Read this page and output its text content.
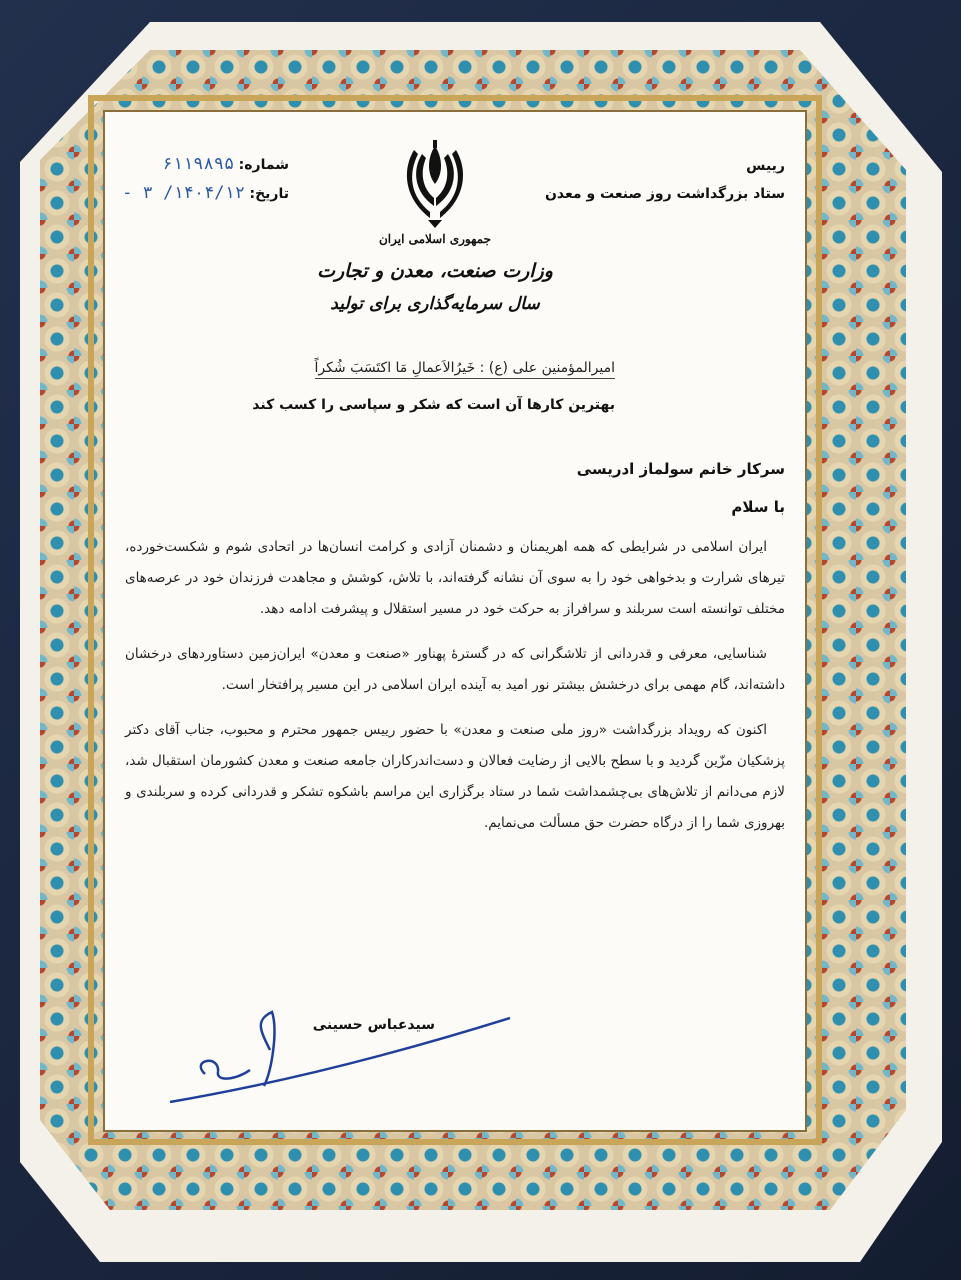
رییس
ستاد بزرگداشت روز صنعت و معدن
شماره: ۶۱۱۹۸۹۵
تاریخ: ۱۴۰۴/۱۲/ ۳ -
جمهوری اسلامی ایران
وزارت صنعت، معدن و تجارت
سال سرمایه‌گذاری برای تولید
امیرالمؤمنین علی (ع) : خَیرُالاَعمالِ مَا اکتَسَبَ شُکراً
بهترین کارها آن است که شکر و سپاسی را کسب کند
سرکار خانم سولماز ادریسی
با سلام

ایران اسلامی در شرایطی که همه اهریمنان و دشمنان آزادی و کرامت انسان‌ها در اتحادی شوم و شکست‌خورده، تیرهای شرارت و بدخواهی خود را به سوی آن نشانه گرفته‌اند، با تلاش، کوشش و مجاهدت فرزندان خود در عرصه‌های مختلف توانسته است سربلند و سرافراز به حرکت خود در مسیر استقلال و پیشرفت ادامه دهد.

شناسایی، معرفی و قدردانی از تلاشگرانی که در گسترهٔ پهناور «صنعت و معدن» ایران‌زمین دستاوردهای درخشان داشته‌اند، گام مهمی برای درخشش بیشتر نور امید به آینده ایران اسلامی در این مسیر پرافتخار است.

اکنون که رویداد بزرگداشت «روز ملی صنعت و معدن» با حضور رییس جمهور محترم و محبوب، جناب آقای دکتر پزشکیان مزّین گردید و با سطح بالایی از رضایت فعالان و دست‌اندرکاران جامعه صنعت و معدن کشورمان استقبال شد، لازم می‌دانم از تلاش‌های بی‌چشمداشت شما در ستاد برگزاری این مراسم باشکوه تشکر و قدردانی کرده و سربلندی و بهروزی شما را از درگاه حضرت حق مسألت می‌نمایم.

سیدعباس حسینی
